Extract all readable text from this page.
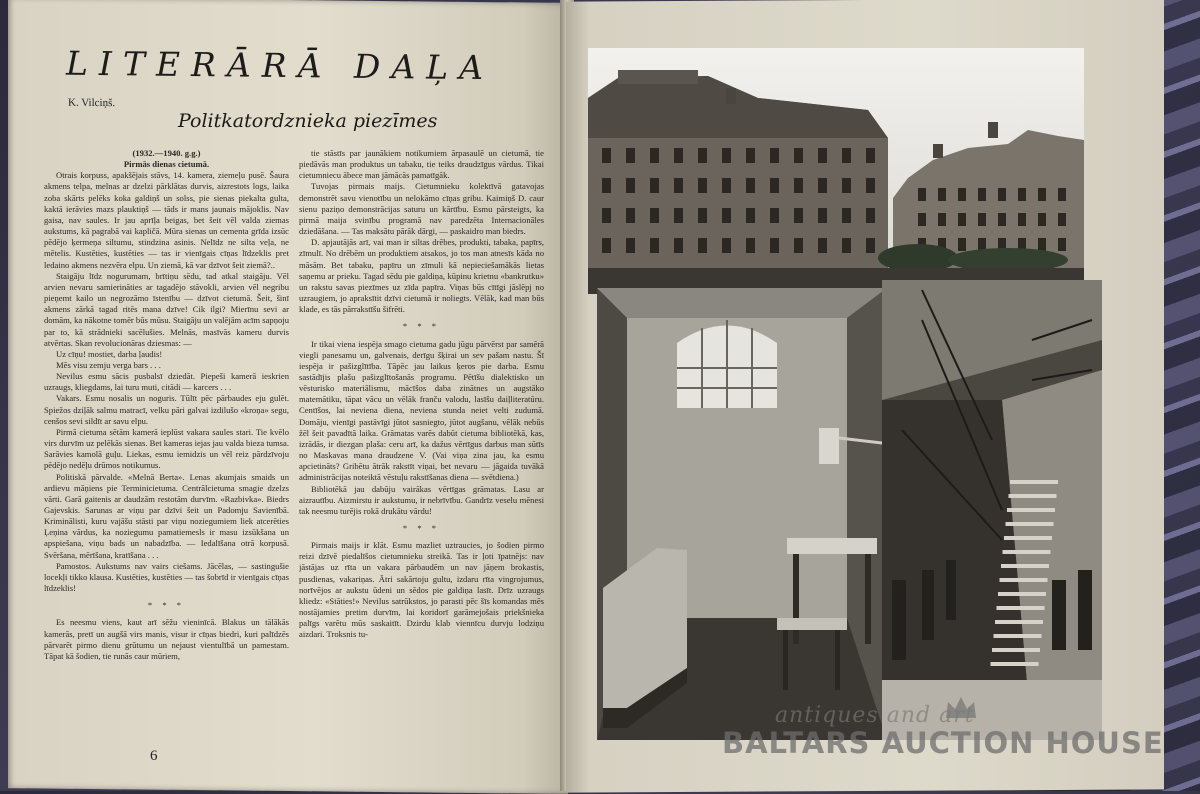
LITERĀRĀ DAĻA
K. Vilciņš.
Politkatordznieka piezīmes

(1932.—1940. g.g.)

Pirmās dienas cietumā.

Otrais korpuss, apakšējais stāvs, 14. kamera, ziemeļu pusē. Šaura akmens telpa, melnas ar dzelzi pārklātas durvis, aizrestots logs, laika zoba skārts pelēks koka galdiņš un solss, pie sienas piekalta gulta, kaktā ierāvies mazs plauktiņš — tāds ir mans jaunais mājoklis. Nav gaisa, nav saules. Ir jau aprīļa beigas, bet šeit vēl valda ziemas aukstums, kā pagrabā vai kapličā. Mūra sienas un cementa grīda izsūc pēdējo ķermeņa siltumu, stindzina asinis. Nelīdz ne silta veļa, ne mētelis. Kustēties, kustēties — tas ir vienīgais cīņas līdzeklis pret ledaino akmens nezvēra elpu. Un ziemā, kā var dzīvot šeit ziemā?..

Staigāju līdz nogurumam, brītiņu sēdu, tad atkal staigāju. Vēl arvien nevaru samierināties ar tagadējo stāvokli, arvien vēl negribu pieņemt kailo un negrozāmo īstenību — dzīvot cietumā. Šeit, šinī akmens zārkā tagad ritēs mana dzīve! Cik ilgi? Mierīnu sevi ar domām, ka nākotne tomēr būs mūsu. Staigāju un valējām acīm sapņoju par to, kā strādnieki sacēlušies. Melnās, masīvās kameru durvis atvērtas. Skan revolucionāras dziesmas: —

Uz cīņu! mostiet, darba ļaudis!

Mēs visu zemju verga bars . . .

Nevilus esmu sācis pusbalsī dziedāt. Piepeši kamerā ieskrien uzraugs, kliegdams, lai turu muti, citādi — karcers . . .

Vakars. Esmu nosalis un noguris. Tūlīt pēc pārbaudes eju gulēt. Spiežos dziļāk salmu matracī, velku pāri galvai izdilušo «kroņa» segu, cenšos sevi sildīt ar savu elpu.

Pirmā cietuma sētām kamerā ieplūst vakara saules stari. Tie kvēlo virs durvīm uz pelēkās sienas. Bet kameras iejas jau valda bieza tumsa. Sarāvies kamolā guļu. Liekas, esmu iemidzis un vēl reiz pārdzīvoju pēdējo nedēļu drūmos notikumus.

Politiskā pārvalde. «Melnā Berta». Lenas akumjais smaids un ardievu māņiens pie Terminicietuma. Centrālcietuma smagie dzelzs vārti. Garā gaitenis ar daudzām restotām durvīm. «Razbivka». Biedrs Gajevskis. Sarunas ar viņu par dzīvi šeit un Padomju Savienībā. Kriminālisti, kuru vajāšu stāsti par viņu noziegumiem liek atcerēties Ļeņina vārdus, ka noziegumu pamatiemesls ir masu izsūkšana un apspiešana, viņu bads un nabadzība. — Iedalīšana otrā korpusā. Svēršana, mērīšana, kratīšana . . .

Pamostos. Aukstums nav vairs ciešams. Jācēlas, — sastingušie locekļi tikko klausa. Kustēties, kustēties — tas šobrīd ir vienīgais cīņas līdzeklis!

* * *

Es neesmu viens, kaut arī sēžu vieninīcā. Blakus un tālākās kamerās, pretī un augšā virs manis, visur ir cīņas biedri, kuri palīdzēs pārvarēt pirmo dienu grūtumu un nejaust vientulībā un pamestam. Tāpat kā šodien, tie runās caur mūriem,

tie stāstīs par jaunākiem notikumiem ārpasaulē un cietumā, tie piedāvās man produktus un tabaku, tie teiks draudzīgus vārdus. Tikai cietumniecu ābece man jāmācās pamatīgāk.

Tuvojas pirmais maijs. Cietumnieku kolektīvā gatavojas demonstrēt savu vienotību un nelokāmo cīņas gribu. Kaimiņš D. caur sienu paziņo demonstrācijas saturu un kārtību. Esmu pārsteigts, ka pirmā maija svinību programā nav paredzēta Internacionāles dziedāšana. — Tas maksātu pārāk dārgi, — paskaidro man biedrs.

D. apjautājās arī, vai man ir siltas drēbes, produkti, tabaka, papīrs, zīmulī. No drēbēm un produktiem atsakos, jo tos man atnesīs kāda no māsām. Bet tabaku, papīru un zīmuli kā nepieciešamākās lietas saņemu ar prieku. Tagad sēdu pie galdiņa, kūpinu krietnu «bankrutku» un rakstu savas piezīmes uz zīda papīra. Viņas būs cītīgi jāslēpj no uzraugiem, jo apraksītit dzīvi cietumā ir noliegts. Vēlāk, kad man būs klade, es tās pārrakstīšu šifrēti.

* * *

Ir tikai viena iespēja smago cietuma gadu jūgu pārvērst par samērā viegli panesamu un, galvenais, derīgu šķirai un sev pašam nastu. Šī iespēja ir pašizglītība. Tāpēc jau laikus ķeros pie darba. Esmu sastādījis plašu pašizglītošanās programu. Pētīšu dialektisko un vēsturisko materiālismu, mācīšos daba zinātnes un augstāko matemātiku, tāpat vācu un vēlāk franču valodu, lasīšu daiļliteratūru. Centīšos, lai neviena diena, neviena stunda neiet velti zudumā. Domāju, vienīgi pastāvīgi jūtot sasniegto, jūtot augšanu, vēlāk nebūs žēl šeit pavadītā laika. Grāmatas varēs dabūt cietuma bibliotēkā, kas, izrādās, ir diezgan plaša: ceru arī, ka dažus vērtīgus darbus man sūtīs no Maskavas mana draudzene V. (Vai viņa zina jau, ka esmu apcietināts? Gribētu ātrāk rakstīt viņai, bet nevaru — jāgaida tuvākā administrācijas noteiktā vēstuļu rakstīšanas diena — svētdiena.)

Bibliotēkā jau dabūju vairākas vērtīgas grāmatas. Lasu ar aizrautību. Aizmirstu ir aukstumu, ir nebrīvību. Gandrīz veselu mēnesi tak neesmu turējis rokā drukātu vārdu!

* * *

Pirmais maijs ir klāt. Esmu mazliet uztraucies, jo šodien pirmo reizi dzīvē piedalīšos cietumnieku streikā. Tas ir ļoti īpatnējs: nav jāstājas uz rīta un vakara pārbaudēm un nav jāņem brokastis, pusdienas, vakariņas. Ātri sakārtoju gultu, izdaru rīta vingrojumus, norīvējos ar aukstu ūdeni un sēdos pie galdiņa lasīt. Drīz uzraugs kliedz: «Stāties!» Nevilus satrūkstos, jo parasti pēc šīs komandas mēs nostājamies pretim durvīm, lai koridorī garāmejošais priekšnieka palīgs varētu mūs saskaitīt. Dzirdu klab viennīcu durvju lodziņu aizdari. Troksnis tu-

6
antiques and art
BALTARS AUCTION HOUSE
